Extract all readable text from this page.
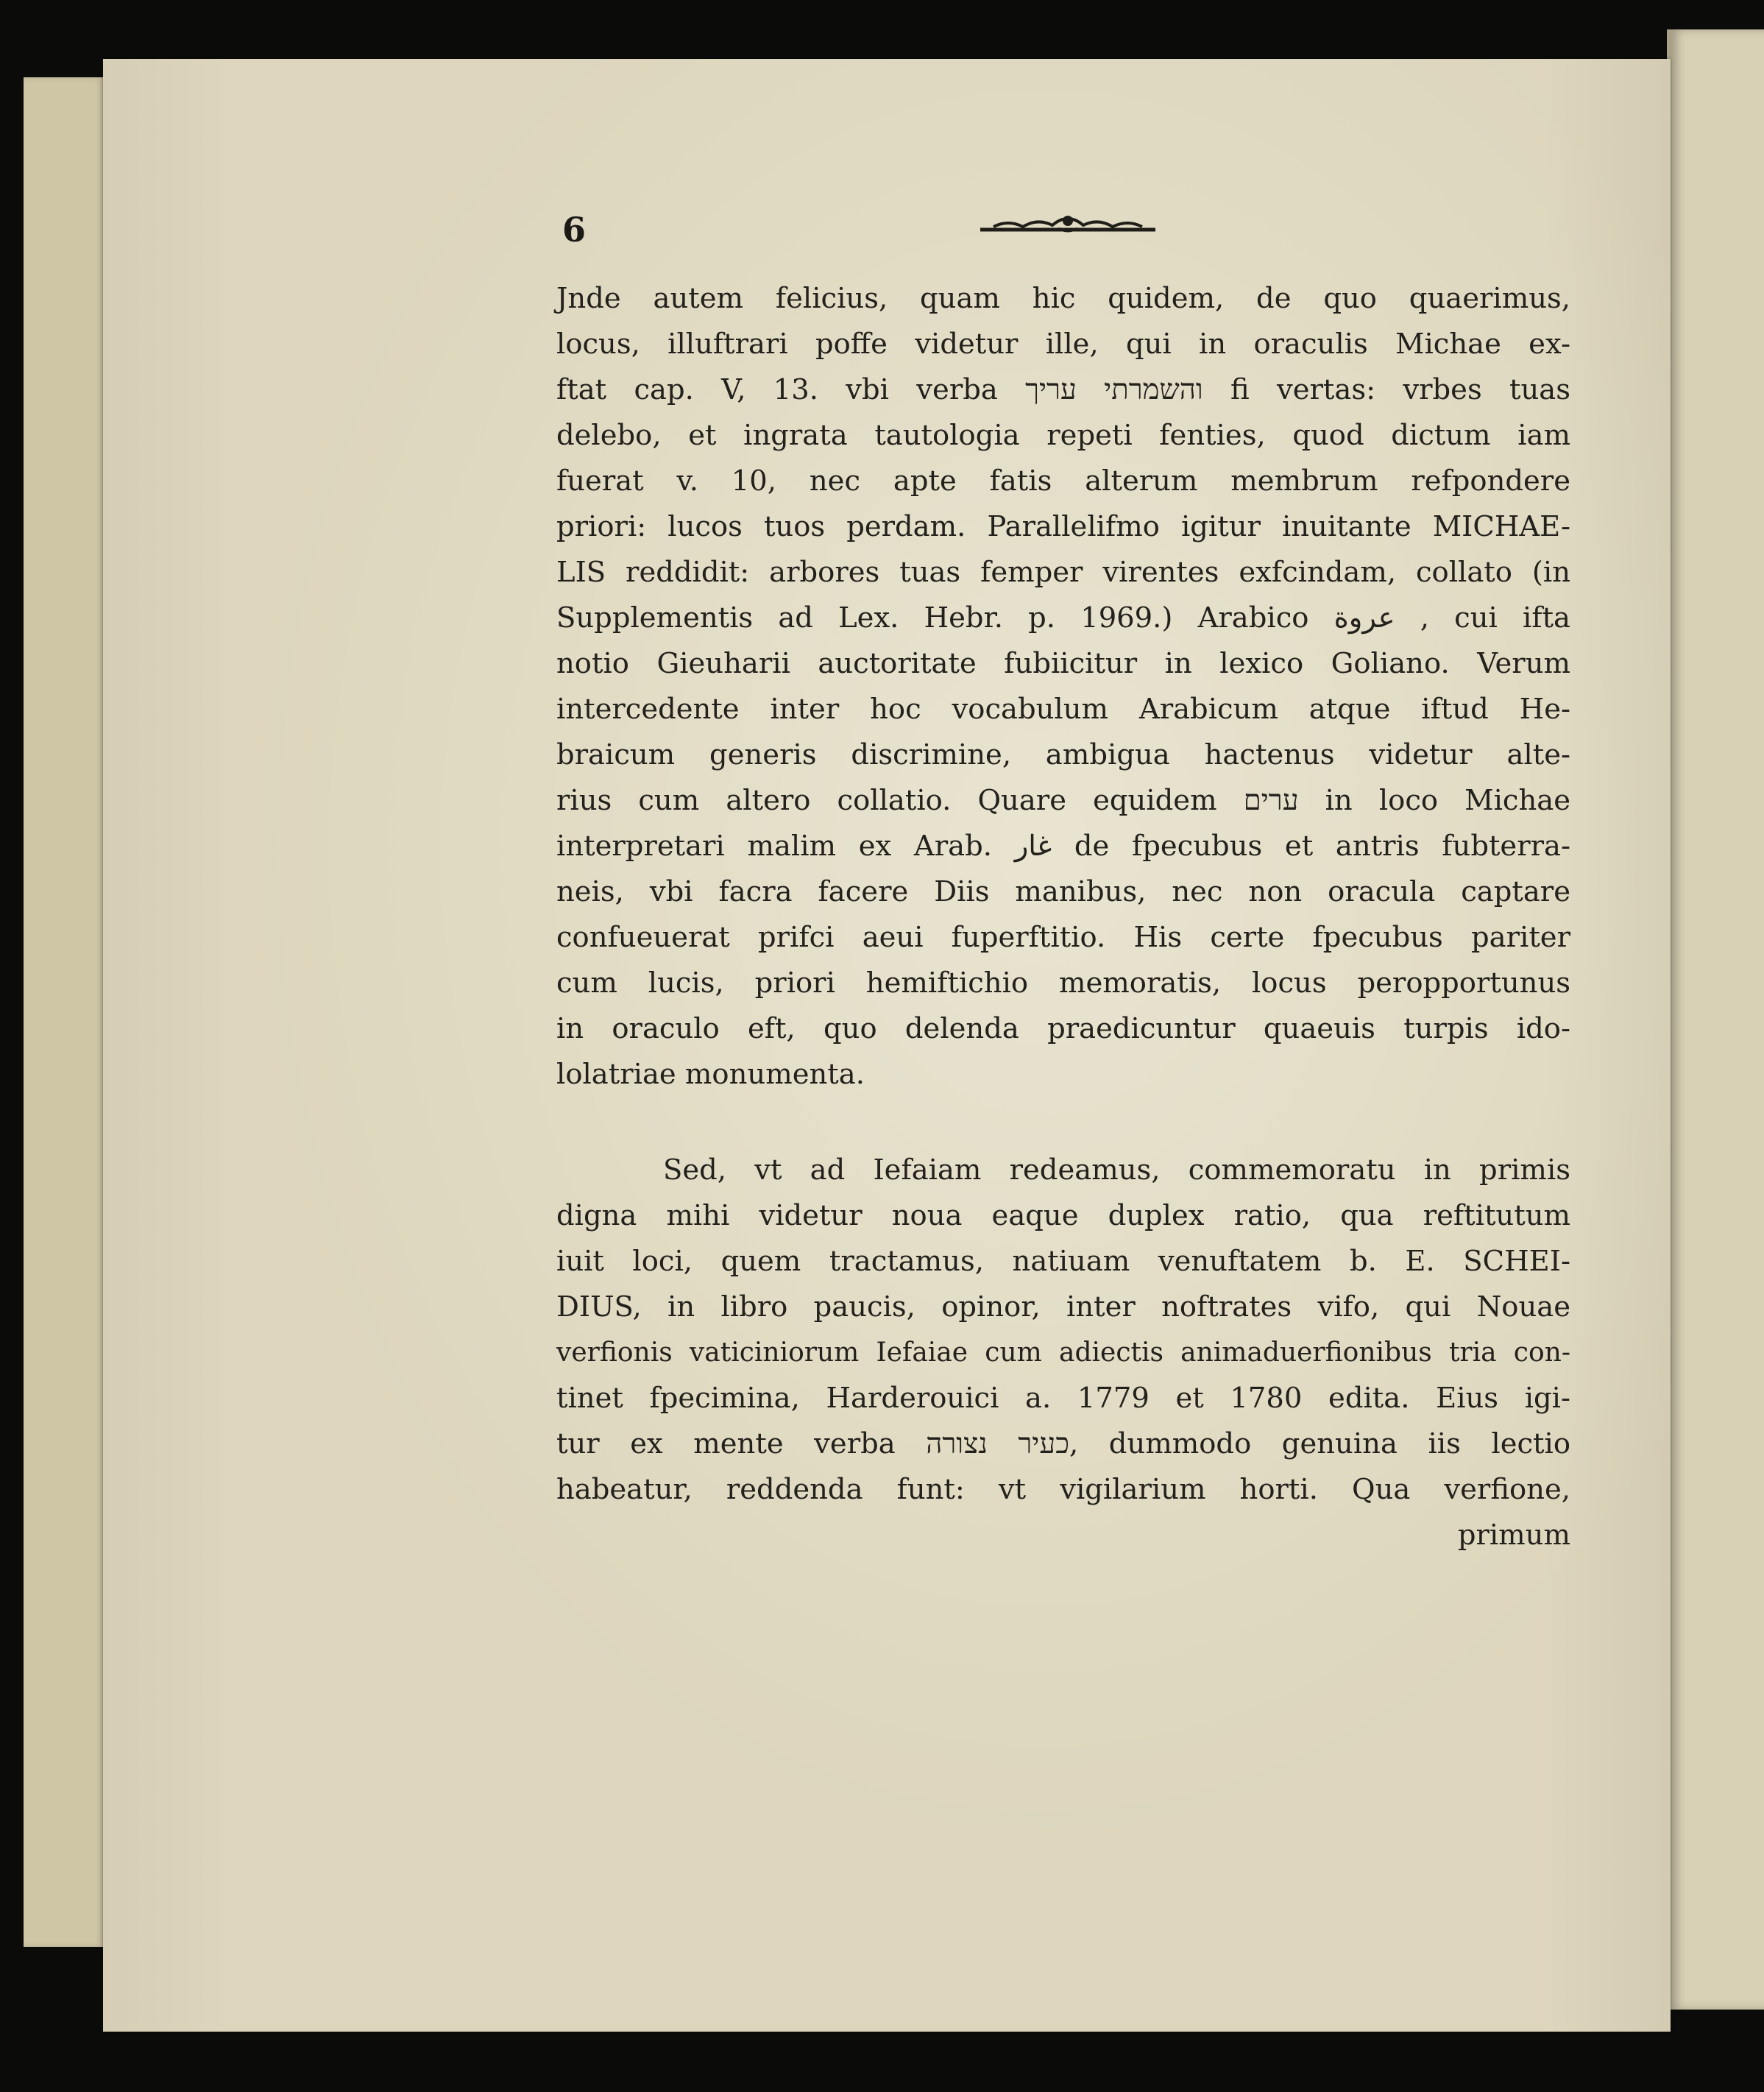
6
Jnde autem felicius, quam hic quidem, de quo quaerimus,
locus, illuftrari poffe videtur ille, qui in oraculis Michae ex-
ftat cap. V, 13. vbi verba והשמרתי עריך fi vertas: vrbes tuas
delebo, et ingrata tautologia repeti fenties, quod dictum iam
fuerat v. 10, nec apte fatis alterum membrum refpondere
priori: lucos tuos perdam. Parallelifmo igitur inuitante MICHAE-
LIS reddidit: arbores tuas femper virentes exfcindam, collato (in
Supplementis ad Lex. Hebr. p. 1969.) Arabico عروة , cui ifta
notio Gieuharii auctoritate fubiicitur in lexico Goliano. Verum
intercedente inter hoc vocabulum Arabicum atque iftud He-
braicum generis discrimine, ambigua hactenus videtur alte-
rius cum altero collatio. Quare equidem ערים in loco Michae
interpretari malim ex Arab. غار de fpecubus et antris fubterra-
neis, vbi facra facere Diis manibus, nec non oracula captare
confueuerat prifci aeui fuperftitio. His certe fpecubus pariter
cum lucis, priori hemiftichio memoratis, locus peropportunus
in oraculo eft, quo delenda praedicuntur quaeuis turpis ido-
lolatriae monumenta.
Sed, vt ad Iefaiam redeamus, commemoratu in primis
digna mihi videtur noua eaque duplex ratio, qua reftitutum
iuit loci, quem tractamus, natiuam venuftatem b. E. SCHEI-
DIUS, in libro paucis, opinor, inter noftrates vifo, qui Nouae
verfionis vaticiniorum Iefaiae cum adiectis animaduerfionibus tria con-
tinet fpecimina, Harderouici a. 1779 et 1780 edita. Eius igi-
tur ex mente verba כעיר נצורה, dummodo genuina iis lectio
habeatur, reddenda funt: vt vigilarium horti. Qua verfione,
primum
